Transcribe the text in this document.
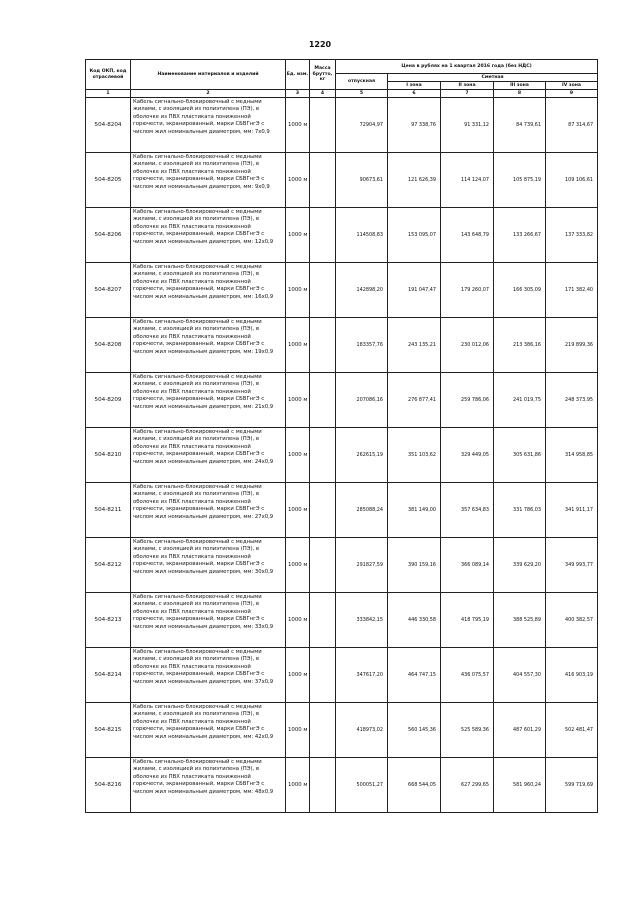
1220
Код ОКП, код отраслевой	Наименование материалов и изделий	Ед. изм.	Масса брутто, кг	Цена в рублях на 1 квартал 2016 года (без НДС)				
				отпускная	Сметная			
					I зона	II зона	III зона	IV зона
1	2	3	4	5	6	7	8	9
504-8204	Кабель сигнально-блокировочный с медными жилами, с изоляцией из полиэтилена (ПЭ), в оболочке из ПВХ пластиката пониженной горючести, экранированный, марки СБВГнгЭ с числом жил номинальным диаметром, мм: 7х0,9	1000 м		72904,97	97 338,76	91 331,12	84 739,61	87 314,67
504-8205	Кабель сигнально-блокировочный с медными жилами, с изоляцией из полиэтилена (ПЭ), в оболочке из ПВХ пластиката пониженной горючести, экранированный, марки СБВГнгЭ с числом жил номинальным диаметром, мм: 9х0,9	1000 м		90673,61	121 626,39	114 124,07	105 875,19	109 106,61
504-8206	Кабель сигнально-блокировочный с медными жилами, с изоляцией из полиэтилена (ПЭ), в оболочке из ПВХ пластиката пониженной горючести, экранированный, марки СБВГнгЭ с числом жил номинальным диаметром, мм: 12х0,9	1000 м		114508,83	153 095,07	143 648,79	133 266,67	137 333,82
504-8207	Кабель сигнально-блокировочный с медными жилами, с изоляцией из полиэтилена (ПЭ), в оболочке из ПВХ пластиката пониженной горючести, экранированный, марки СБВГнгЭ с числом жил номинальным диаметром, мм: 16х0,9	1000 м		142898,20	191 047,47	179 260,07	166 305,09	171 382,40
504-8208	Кабель сигнально-блокировочный с медными жилами, с изоляцией из полиэтилена (ПЭ), в оболочке из ПВХ пластиката пониженной горючести, экранированный, марки СБВГнгЭ с числом жил номинальным диаметром, мм: 19х0,9	1000 м		183357,76	243 135,21	230 012,06	213 386,16	219 899,36
504-8209	Кабель сигнально-блокировочный с медными жилами, с изоляцией из полиэтилена (ПЭ), в оболочке из ПВХ пластиката пониженной горючести, экранированный, марки СБВГнгЭ с числом жил номинальным диаметром, мм: 21х0,9	1000 м		207086,16	276 877,41	259 786,06	241 019,75	248 373,95
504-8210	Кабель сигнально-блокировочный с медными жилами, с изоляцией из полиэтилена (ПЭ), в оболочке из ПВХ пластиката пониженной горючести, экранированный, марки СБВГнгЭ с числом жил номинальным диаметром, мм: 24х0,9	1000 м		262615,19	351 103,62	329 449,05	305 631,86	314 958,85
504-8211	Кабель сигнально-блокировочный с медными жилами, с изоляцией из полиэтилена (ПЭ), в оболочке из ПВХ пластиката пониженной горючести, экранированный, марки СБВГнгЭ с числом жил номинальным диаметром, мм: 27х0,9	1000 м		285088,24	381 149,00	357 634,83	331 786,03	341 911,17
504-8212	Кабель сигнально-блокировочный с медными жилами, с изоляцией из полиэтилена (ПЭ), в оболочке из ПВХ пластиката пониженной горючести, экранированный, марки СБВГнгЭ с числом жил номинальным диаметром, мм: 30х0,9	1000 м		291827,59	390 159,16	366 089,14	339 629,20	349 993,77
504-8213	Кабель сигнально-блокировочный с медными жилами, с изоляцией из полиэтилена (ПЭ), в оболочке из ПВХ пластиката пониженной горючести, экранированный, марки СБВГнгЭ с числом жил номинальным диаметром, мм: 33х0,9	1000 м		333842,15	446 330,58	418 795,19	388 525,89	400 382,57
504-8214	Кабель сигнально-блокировочный с медными жилами, с изоляцией из полиэтилена (ПЭ), в оболочке из ПВХ пластиката пониженной горючести, экранированный, марки СБВГнгЭ с числом жил номинальным диаметром, мм: 37х0,9	1000 м		347617,20	464 747,15	436 075,57	404 557,30	416 903,19
504-8215	Кабель сигнально-блокировочный с медными жилами, с изоляцией из полиэтилена (ПЭ), в оболочке из ПВХ пластиката пониженной горючести, экранированный, марки СБВГнгЭ с числом жил номинальным диаметром, мм: 42х0,9	1000 м		418973,02	560 145,36	525 589,36	487 601,29	502 481,47
504-8216	Кабель сигнально-блокировочный с медными жилами, с изоляцией из полиэтилена (ПЭ), в оболочке из ПВХ пластиката пониженной горючести, экранированный, марки СБВГнгЭ с числом жил номинальным диаметром, мм: 48х0,9	1000 м		500051,27	668 544,05	627 299,65	581 960,24	599 719,69
